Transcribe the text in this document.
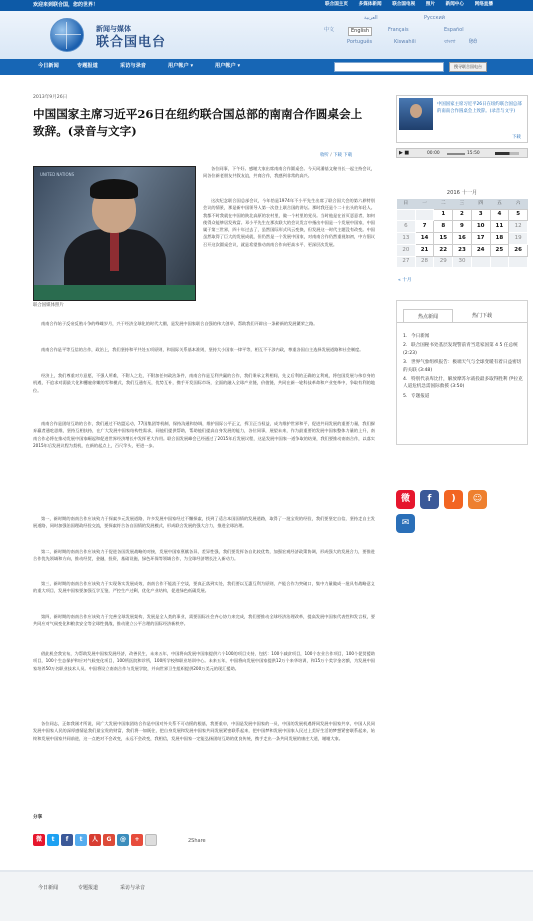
欢迎来到联合国，您的世界！	联合国主页 多媒体新闻 联合国电视 照片 新闻中心 网络直播
新闻与媒体
联合国电台
العربية	Русский
中文	English	Français	Español
Português	Kiswahili	বাংলা	हिंदी
今日新闻	专题报道	采访与录音	用户帐户 ▾	用户帐户 ▾	搜寻联合国电台
2013年9月26日
中国国家主席习近平26日在纽约联合国总部的南南合作圆桌会上致辞。(录音与文字)
收听 / 下载 下载
UNITED NATIONS
联合国媒体照片

各位同事，下午好。感谢大家出席南南合作圆桌会。今天同潘基文秘书长一起主持会议，同各位新老朋友共叙友谊，共商合作，我感到非常的高兴。

这次纪念联合国总部会议，今年恰是1974年不小平先生出席了联合国大会的第六界特别会议的情景，那是新中国领导人第一次登上联合国的讲坛。那时我还是个二十出头的年轻人。我都不时我就在中国的陕北高原的农村里，做一个村里的党员。当时他是在首页恶意者，如何使得众能够居发致富。邓小平先生在那次联大的会议发言中指出中国是一个发展中国家，中国属于第三世界，四十年过去了，虽然国际形式风云变换，但发展这一时代主题没有改变。中国虽然取得了巨大的发展成就，但仍然是一个发展中国家，对南南合作仍然重视如初，中方倡议召开这次圆桌会议，就是希望推动南南合作向更高水平、更深层次发展。

南南合作始于反帝反殖斗争的峥嵘岁月，兴于经济全球化的时代大潮，是发展中国家联合自强的伟大创举，帮助我们开辟出一条崭新的发展繁荣之路。

南南合作是平等互信的合作，政治上，我们坚持和平共处五项原则，和国际关系基本准则，坚持大小国家一律平等，相互不干涉内政，尊重各国自主选择发展道路和社会制度。

经济上，我们尊重对方意愿，不强人所难，不附人之危，不附加任何政治条件，南南合作是互利共赢的合作，我们秉承义利相间，先义后利的正确的义利观，将包国发展与伟存身的机遇，不追求对弱最大化和攫雇你嫩的零和模式，我们互通有无，优势互补，携手开发国际市场，全面的融入全球产业链，价值链，共同在新一轮科技革命和产业变革中，争取有利的地位。

南南合作是团结互助的合作，我们通过不结盟运动，77国集团等机制，保持沟通和协调，维护国际公平正义，捍卫正当权益，成为维护世界和平，促进共同发展的重要力量，我们摒弃赢者通吃思维，坚持互相扶持，在广大发展中国家结构性需求，同他们提供帮助，帮助他们提高自身发展的能力，各位同事，展望未来，作为最重要的发展中国家整体力量的上升，南南合作必将在推动发展中国家崛起和促进世界经济增长中发挥更大作用。联合国发展峰会已经通过了2015年后发展议程，这是发展中国家一道争取的结果，我们要推动南南合作，以落实2015年后发展议程为契机，在新的起点上，百尺竿头，更进一步。

第一，新时期的南南合作应该致力于探索多元发展道路，许多发展中国家经过不懈探索，找到了适合本国国情的发展道路，取得了一批宝贵的经验，我们要坚定自信，坚持走自主发展道路，同时加强治国理政经验交流，要探索符合各自国情的发展模式，形成联合发展的强大合力，推进全球治理。

第二，新时期的南南合作应该致力于促进各国发展战略的对接，发展中国家禀赋各异，差异性强，我们要发挥各自比较优势，加强宏观经济政策协调，形成强大的发展合力，要推进合作优先领域和方向，推动经贸，金融，投资，基础设施，绿色环保等领域合作，为全球经济增长注入新动力。

第三，新时期的南南合作应该致力于实现务实发展成效，南南合作不能流于空谈，要真正落到实处，我们要以互惠互利为原则，产能合作为突破口，集中力量做成一批具有战略意义的重大项目，发展中国家要加强互学互鉴，严控生产过剩，优化产业结构，促进绿色低碳发展。

第四，新时期的南南合作应该致力于完善全球发展架构，发展是全人类的事业，需要国际社会齐心协力来完成，我们要推动全球经济治理改革，提高发展中国家代表性和发言权，要共同应对气候变化和粮食安全等全球性挑战，推动建立公平合理的国际经济新秩序。

借此机会我宣布，为帮助发展中国家发展经济，改善民生，未来五年，中国将向发展中国家提供六个100的项目支持，包括：100个减贫项目，100个农业合作项目，100个促贸援助项目，100个生态保护和应对气候变化项目，100所医院和诊所，100所学校和职业培训中心。未来五年，中国将向发展中国家提供12万个来华培训，和15万个奖学金名额，为发展中国家培养50万名职业技术人员。中国将设立南南合作与发展学院，并向世界卫生组织提供200万美元的现汇援助。

各位同志，正如我刚才所说，同广大发展中国家团结合作是中国对外关系不可动摇的根基，我要重申，中国是发展中国家的一员，中国的发展机遇将同发展中国家共享，中国人民同发展中国家人民的深厚感情是我们最宝贵的财富，我们将一如既往，把自身发展和发展中国家共同发展紧密联系起来，把中国梦和发展中国家人民过上美好生活的梦想紧密联系起来，始终和发展中国家共同前进，这一点绝对不会改变，永远不会改变，我相信，发展中国家一定能弘扬团结互助的优良传统，携手走出一条共同发展的康庄大道，谢谢大家。

分享
微	t	f	t	人	G	@	+	2Share
中国国家主席习近平26日在纽约联合国总部的南南合作圆桌会上致辞。(录音与文字)
下载
▶ ■	00:00	15:50
2016 十一月
日	一	二	三	四	五	六
		1	2	3	4	5
6	7	8	9	10	11	12
13	14	15	16	17	18	19
20	21	22	23	24	25	26
27	28	29	30			
热点新闻	热门下载
1. 今日新闻
2. 联合国秘书处基层发现警前青当选家国第 4 5 任总统 (2:23)
3. 世界气象组织报告：极端天气与全球变暖有着日益密切的关联 (3:48)
4. 特别代表库比什，解放摩苏尔战役最多取得胜利 伊拉克人道危机急需国际救援 (3:50)
5. 专题报道
« 十月
微	f	)	☺
✉
今日新闻	专题报道	采访与录音
